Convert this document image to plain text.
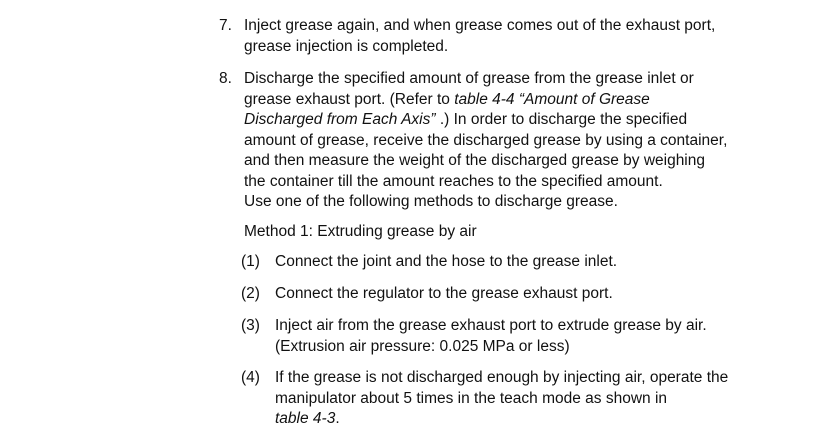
7. Inject grease again, and when grease comes out of the exhaust port,
grease injection is completed.
8. Discharge the specified amount of grease from the grease inlet or
grease exhaust port. (Refer to table 4-4 “Amount of Grease
Discharged from Each Axis” .) In order to discharge the specified
amount of grease, receive the discharged grease by using a container,
and then measure the weight of the discharged grease by weighing
the container till the amount reaches to the specified amount.
Use one of the following methods to discharge grease.
Method 1: Extruding grease by air
(1) Connect the joint and the hose to the grease inlet.
(2) Connect the regulator to the grease exhaust port.
(3) Inject air from the grease exhaust port to extrude grease by air.
(Extrusion air pressure: 0.025 MPa or less)
(4) If the grease is not discharged enough by injecting air, operate the
manipulator about 5 times in the teach mode as shown in
table 4-3.
